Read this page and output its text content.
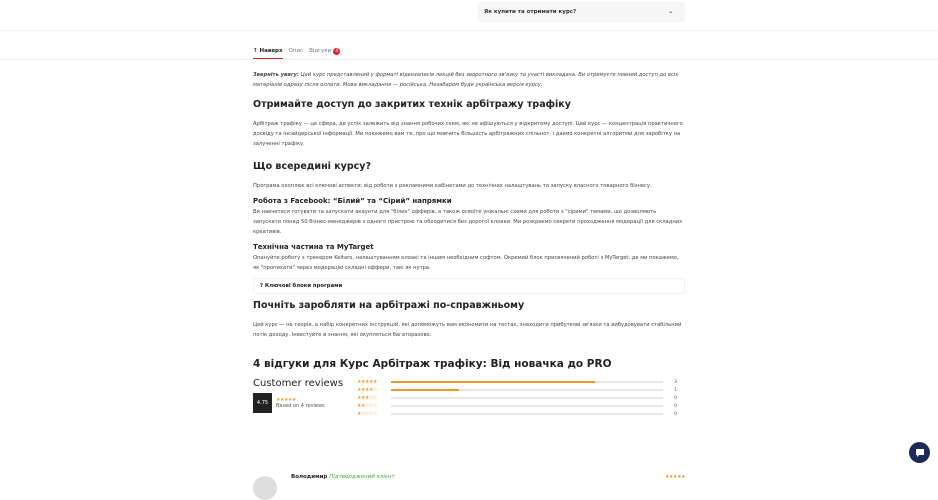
Як купити та отримати курс?	⌄
↑ Наверх Опис Відгуки 4

Зверніть увагу: Цей курс представлений у форматі відеозаписів лекцій без зворотного зв'язку та участі викладача. Ви отримуєте повний доступ до всіх матеріалів одразу після оплати. Мова викладання — російська. Незабаром буде українська версія курсу.

Отримайте доступ до закритих технік арбітражу трафіку

Арбітраж трафіку — це сфера, де успіх залежить від знання робочих схем, які не афішуються у відкритому доступі. Цей курс — концентрація практичного досвіду та інсайдерської інформації. Ми покажемо вам те, про що мовчить більшість арбітражних спільнот, і даємо конкретні алгоритми для заробітку на залученні трафіку.

Що всередині курсу?

Програма охоплює всі ключові аспекти: від роботи з рекламними кабінетами до технічних налаштувань та запуску власного товарного бізнесу.

Робота з Facebook: “Білий” та “Сірий” напрямки

Ви навчитеся готувати та запускати акаунти для "білих" офферів, а також освоїте унікальні схеми для роботи з "сірими" темами, що дозволяють запускати понад 50 бізнес-менеджерів з одного пристрою та обходитися без дорогої клоаки. Ми розкриємо секрети проходження модерації для складних креативів.

Технічна частина та MyTarget

Опануйте роботу з трекером Keitaro, налаштуванням клоакі та іншим необхідним софтом. Окремий блок присвячений роботі з MyTarget, де ми покажемо, як "пропихати" через модерацію складні оффери, такі як нутра.

? Ключові блоки програми
Почніть заробляти на арбітражі по-справжньому

Цей курс — не теорія, а набір конкретних інструкцій, які допоможуть вам економити на тестах, знаходити прибуткові зв'язки та вибудовувати стабільний потік доходу. Інвестуйте в знання, які окупляться багаторазово.

4 відгуки для Курс Арбітраж трафіку: Від новачка до PRO
Customer reviews
4.75	★★★★★
Based on 4 reviews
★★★★★	3
★★★★☆	1
★★★☆☆	0
★★☆☆☆	0
★☆☆☆☆	0
Володимир Підтверджений клієнт	★★★★★
